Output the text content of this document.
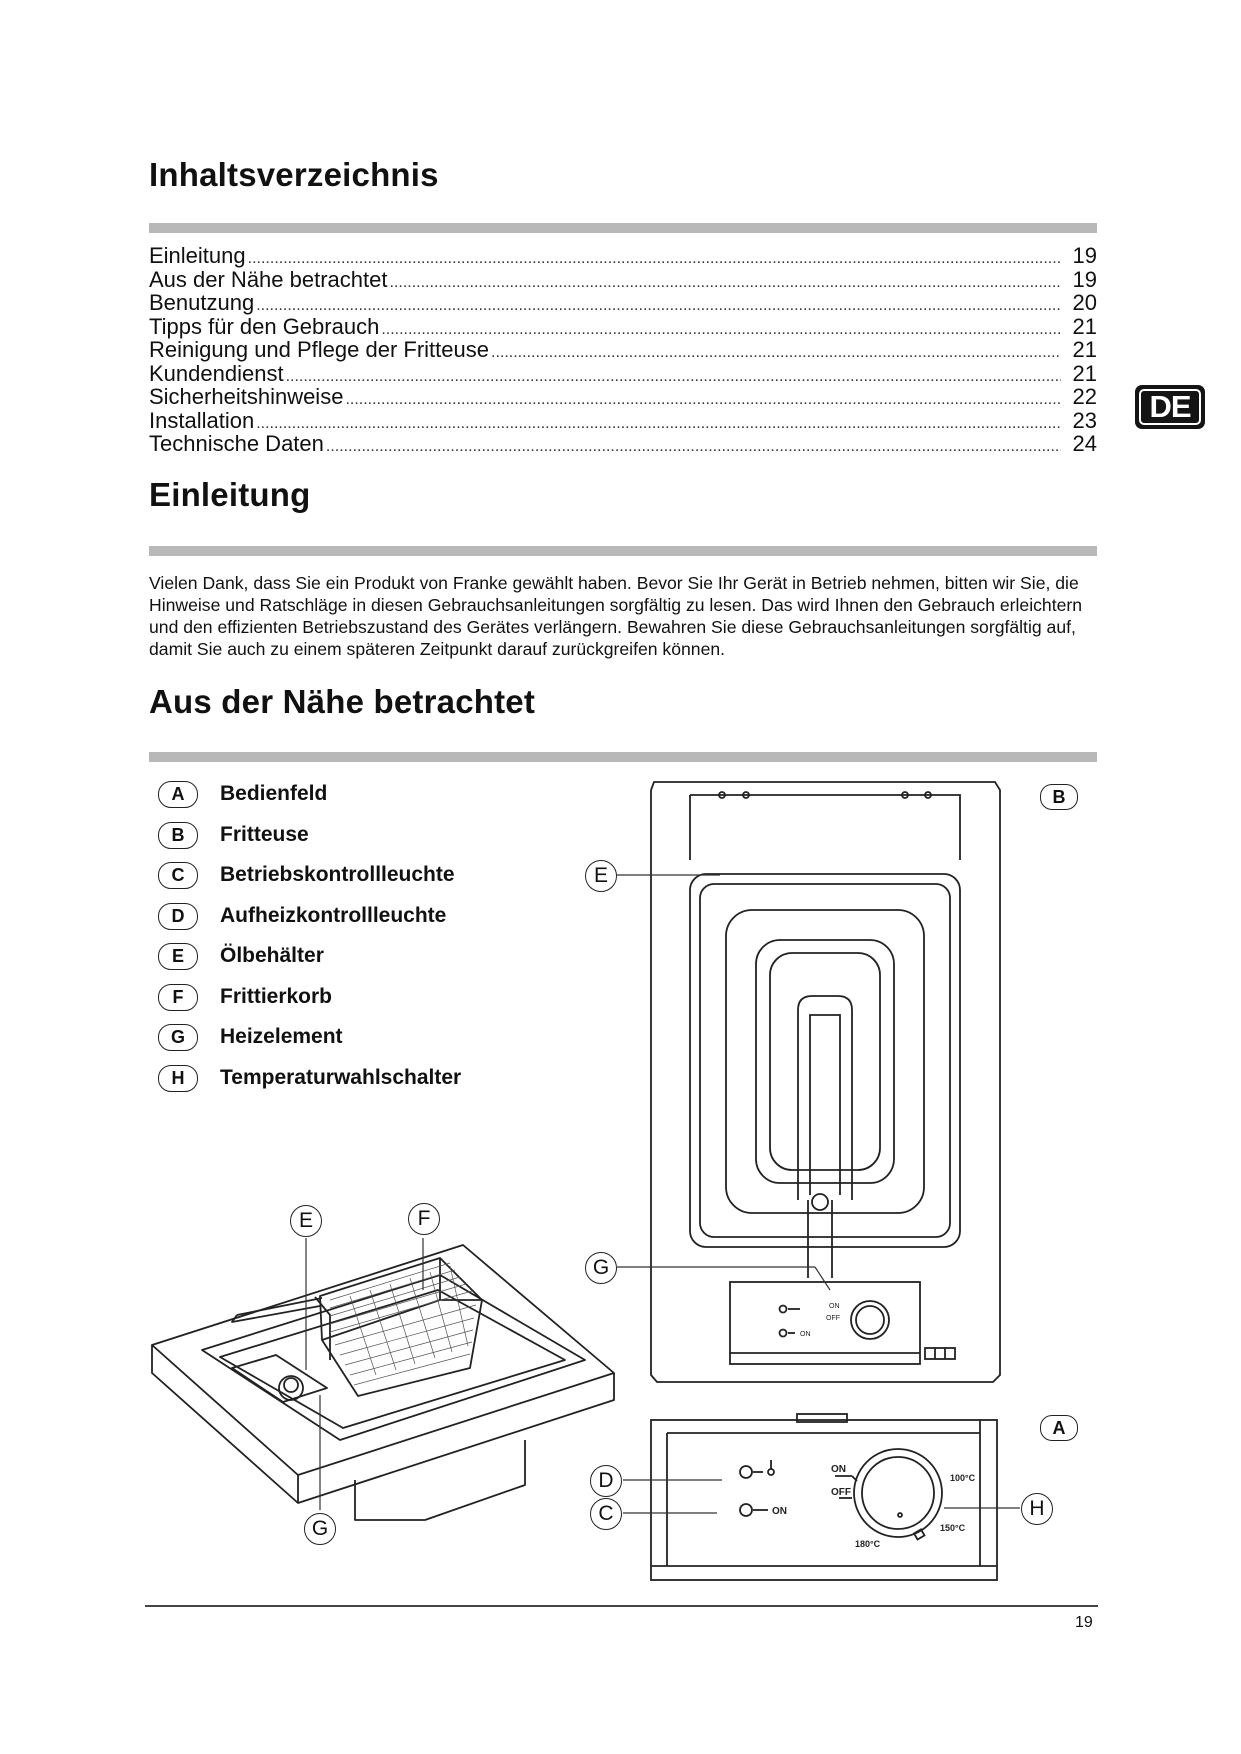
Inhaltsverzeichnis
Einleitung .....	19
Aus der Nähe betrachtet .....	19
Benutzung .....	20
Tipps für den Gebrauch .....	21
Reinigung und Pflege der Fritteuse .....	21
Kundendienst .....	21
Sicherheitshinweise .....	22
Installation .....	23
Technische Daten .....	24
DE
Einleitung
Vielen Dank, dass Sie ein Produkt von Franke gewählt haben. Bevor Sie Ihr Gerät in Betrieb nehmen, bitten wir Sie, die Hinweise und Ratschläge in diesen Gebrauchsanleitungen sorgfältig zu lesen. Das wird Ihnen den Gebrauch erleichtern und den effizienten Betriebszustand des Gerätes verlängern. Bewahren Sie diese Gebrauchsanleitungen sorgfältig auf, damit Sie auch zu einem späteren Zeitpunkt darauf zurückgreifen können.
Aus der Nähe betrachtet
A	Bedienfeld
B	Fritteuse
C	Betriebskontrollleuchte
D	Aufheizkontrollleuchte
E	Ölbehälter
F	Frittierkorb
G	Heizelement
H	Temperaturwahlschalter
ON
OFF
ON
ON
OFF
ON
100°C
150°C
180°C
B
E
G
A
D
C	H
E	F
G
19
